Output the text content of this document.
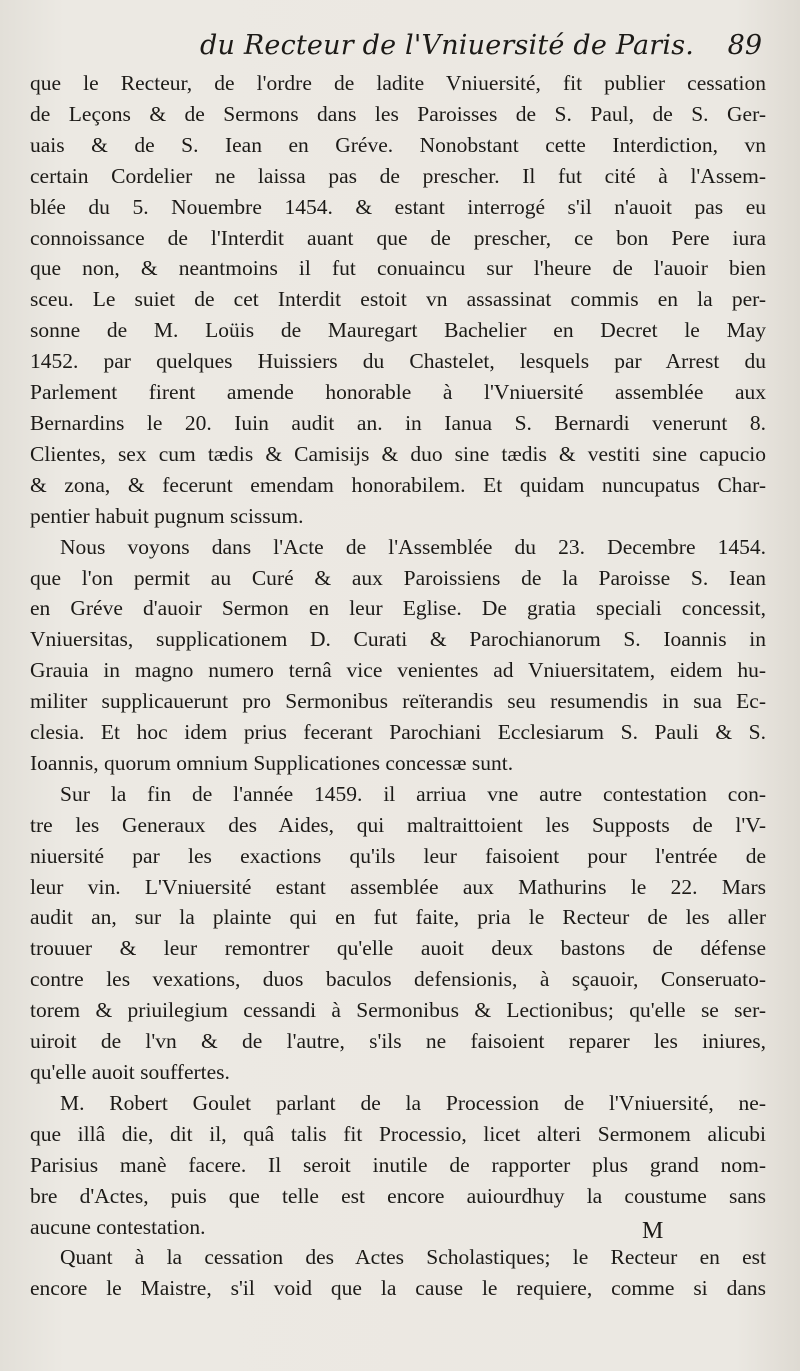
du Recteur de l'Vniuersité de Paris. 89
que le Recteur, de l'ordre de ladite Vniuersité, fit publier cessation
de Leçons & de Sermons dans les Paroisses de S. Paul, de S. Ger-
uais & de S. Iean en Gréve. Nonobstant cette Interdiction, vn
certain Cordelier ne laissa pas de prescher. Il fut cité à l'Assem-
blée du 5. Nouembre 1454. & estant interrogé s'il n'auoit pas eu
connoissance de l'Interdit auant que de prescher, ce bon Pere iura
que non, & neantmoins il fut conuaincu sur l'heure de l'auoir bien
sceu. Le suiet de cet Interdit estoit vn assassinat commis en la per-
sonne de M. Loüis de Mauregart Bachelier en Decret le May
1452. par quelques Huissiers du Chastelet, lesquels par Arrest du
Parlement firent amende honorable à l'Vniuersité assemblée aux
Bernardins le 20. Iuin audit an. in Ianua S. Bernardi venerunt 8.
Clientes, sex cum tædis & Camisijs & duo sine tædis & vestiti sine capucio
& zona, & fecerunt emendam honorabilem. Et quidam nuncupatus Char-
pentier habuit pugnum scissum.
Nous voyons dans l'Acte de l'Assemblée du 23. Decembre 1454.
que l'on permit au Curé & aux Paroissiens de la Paroisse S. Iean
en Gréve d'auoir Sermon en leur Eglise. De gratia speciali concessit,
Vniuersitas, supplicationem D. Curati & Parochianorum S. Ioannis in
Grauia in magno numero ternâ vice venientes ad Vniuersitatem, eidem hu-
militer supplicauerunt pro Sermonibus reïterandis seu resumendis in sua Ec-
clesia. Et hoc idem prius fecerant Parochiani Ecclesiarum S. Pauli & S.
Ioannis, quorum omnium Supplicationes concessæ sunt.
Sur la fin de l'année 1459. il arriua vne autre contestation con-
tre les Generaux des Aides, qui maltraittoient les Supposts de l'V-
niuersité par les exactions qu'ils leur faisoient pour l'entrée de
leur vin. L'Vniuersité estant assemblée aux Mathurins le 22. Mars
audit an, sur la plainte qui en fut faite, pria le Recteur de les aller
trouuer & leur remontrer qu'elle auoit deux bastons de défense
contre les vexations, duos baculos defensionis, à sçauoir, Conseruato-
torem & priuilegium cessandi à Sermonibus & Lectionibus; qu'elle se ser-
uiroit de l'vn & de l'autre, s'ils ne faisoient reparer les iniures,
qu'elle auoit souffertes.
M. Robert Goulet parlant de la Procession de l'Vniuersité, ne-
que illâ die, dit il, quâ talis fit Processio, licet alteri Sermonem alicubi
Parisius manè facere. Il seroit inutile de rapporter plus grand nom-
bre d'Actes, puis que telle est encore auiourdhuy la coustume sans
aucune contestation.
Quant à la cessation des Actes Scholastiques; le Recteur en est
encore le Maistre, s'il void que la cause le requiere, comme si dans
M
